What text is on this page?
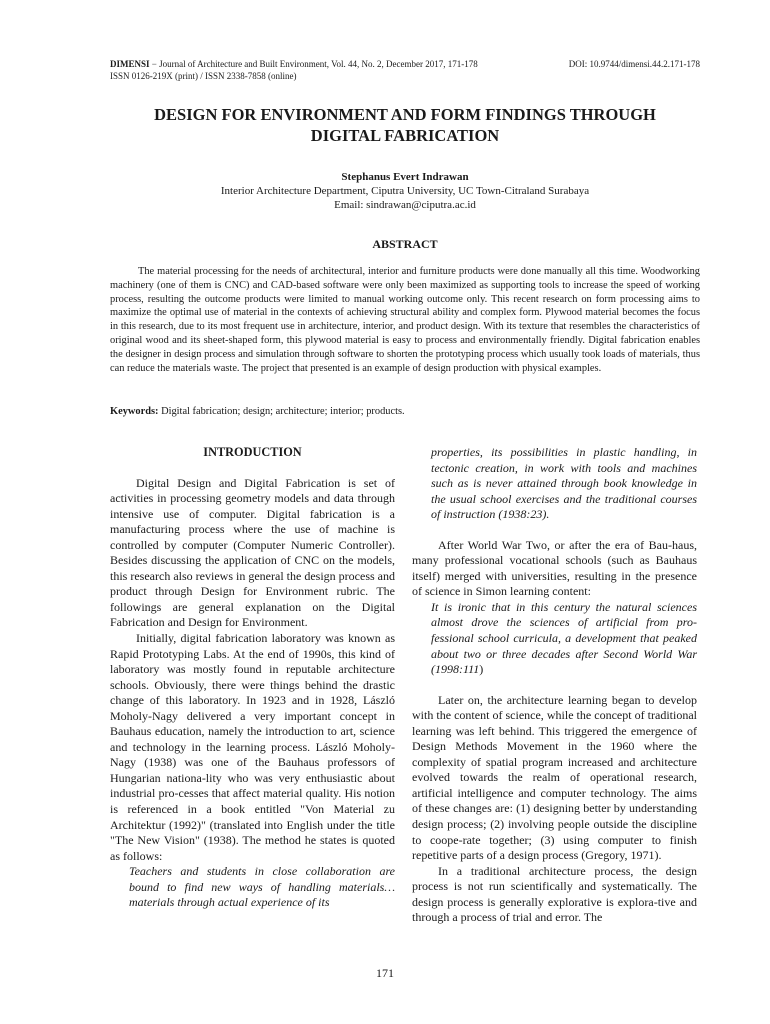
DIMENSI − Journal of Architecture and Built Environment, Vol. 44, No. 2, December 2017, 171-178
ISSN 0126-219X (print) / ISSN 2338-7858 (online)
DOI: 10.9744/dimensi.44.2.171-178
DESIGN FOR ENVIRONMENT AND FORM FINDINGS THROUGH
DIGITAL FABRICATION
Stephanus Evert Indrawan
Interior Architecture Department, Ciputra University, UC Town-Citraland Surabaya
Email: sindrawan@ciputra.ac.id
ABSTRACT
The material processing for the needs of architectural, interior and furniture products were done manually all this time. Woodworking machinery (one of them is CNC) and CAD-based software were only been maximized as supporting tools to increase the speed of working process, resulting the outcome products were limited to manual working outcome only. This recent research on form processing aims to maximize the optimal use of material in the contexts of achieving structural ability and complex form. Plywood material becomes the focus in this research, due to its most frequent use in architecture, interior, and product design. With its texture that resembles the characteristics of original wood and its sheet-shaped form, this plywood material is easy to process and environmentally friendly. Digital fabrication enables the designer in design process and simulation through software to shorten the prototyping process which usually took loads of materials, thus can reduce the materials waste. The project that presented is an example of design production with physical examples.
Keywords: Digital fabrication; design; architecture; interior; products.
INTRODUCTION
Digital Design and Digital Fabrication is set of activities in processing geometry models and data through intensive use of computer. Digital fabrication is a manufacturing process where the use of machine is controlled by computer (Computer Numeric Controller). Besides discussing the application of CNC on the models, this research also reviews in general the design process and product through Design for Environment rubric. The followings are general explanation on the Digital Fabrication and Design for Environment.
Initially, digital fabrication laboratory was known as Rapid Prototyping Labs. At the end of 1990s, this kind of laboratory was mostly found in reputable architecture schools. Obviously, there were things behind the drastic change of this laboratory. In 1923 and in 1928, László Moholy-Nagy delivered a very important concept in Bauhaus education, namely the introduction to art, science and technology in the learning process. László Moholy-Nagy (1938) was one of the Bauhaus professors of Hungarian nationa-lity who was very enthusiastic about industrial pro-cesses that affect material quality. His notion is referenced in a book entitled "Von Material zu Architektur (1992)" (translated into English under the title "The New Vision" (1938). The method he states is quoted as follows:
Teachers and students in close collaboration are bound to find new ways of handling materials… materials through actual experience of its
properties, its possibilities in plastic handling, in tectonic creation, in work with tools and machines such as is never attained through book knowledge in the usual school exercises and the traditional courses of instruction (1938:23).
After World War Two, or after the era of Bau-haus, many professional vocational schools (such as Bauhaus itself) merged with universities, resulting in the presence of science in Simon learning content:
It is ironic that in this century the natural sciences almost drove the sciences of artificial from pro-fessional school curricula, a development that peaked about two or three decades after Second World War (1998:111)
Later on, the architecture learning began to develop with the content of science, while the concept of traditional learning was left behind. This triggered the emergence of Design Methods Movement in the 1960 where the complexity of spatial program increased and architecture evolved towards the realm of operational research, artificial intelligence and computer technology. The aims of these changes are: (1) designing better by understanding design process; (2) involving people outside the discipline to coope-rate together; (3) using computer to finish repetitive parts of a design process (Gregory, 1971).
In a traditional architecture process, the design process is not run scientifically and systematically. The design process is generally explorative is explora-tive and through a process of trial and error. The
171
